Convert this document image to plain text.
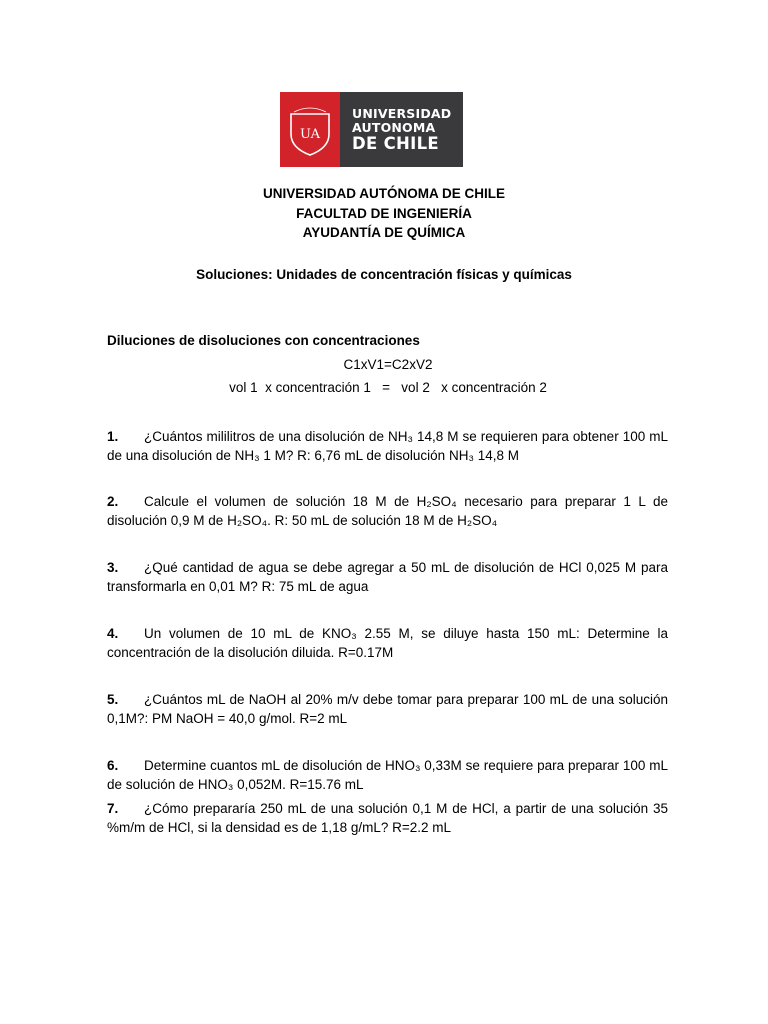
UA
UNIVERSIDAD
AUTONOMA
DE CHILE
UNIVERSIDAD AUTÓNOMA DE CHILE
FACULTAD DE INGENIERÍA
AYUDANTÍA DE QUÍMICA
Soluciones: Unidades de concentración físicas y químicas
Diluciones de disoluciones con concentraciones
C1xV1=C2xV2
vol 1  x concentración 1   =   vol 2   x concentración 2
1. ¿Cuántos mililitros de una disolución de NH₃ 14,8 M se requieren para obtener 100 mL de una disolución de NH₃ 1 M? R: 6,76 mL de disolución NH₃ 14,8 M
2. Calcule el volumen de solución 18 M de H₂SO₄ necesario para preparar 1 L de disolución 0,9 M de H₂SO₄. R: 50 mL de solución 18 M de H₂SO₄
3. ¿Qué cantidad de agua se debe agregar a 50 mL de disolución de HCl 0,025 M para transformarla en 0,01 M? R: 75 mL de agua
4. Un volumen de 10 mL de KNO₃ 2.55 M, se diluye hasta 150 mL: Determine la concentración de la disolución diluida. R=0.17M
5. ¿Cuántos mL de NaOH al 20% m/v debe tomar para preparar 100 mL de una solución 0,1M?: PM NaOH = 40,0 g/mol. R=2 mL
6. Determine cuantos mL de disolución de HNO₃ 0,33M se requiere para preparar 100 mL de solución de HNO₃ 0,052M. R=15.76 mL
7. ¿Cómo prepararía 250 mL de una solución 0,1 M de HCl, a partir de una solución 35 %m/m de HCl, si la densidad es de 1,18 g/mL? R=2.2 mL
